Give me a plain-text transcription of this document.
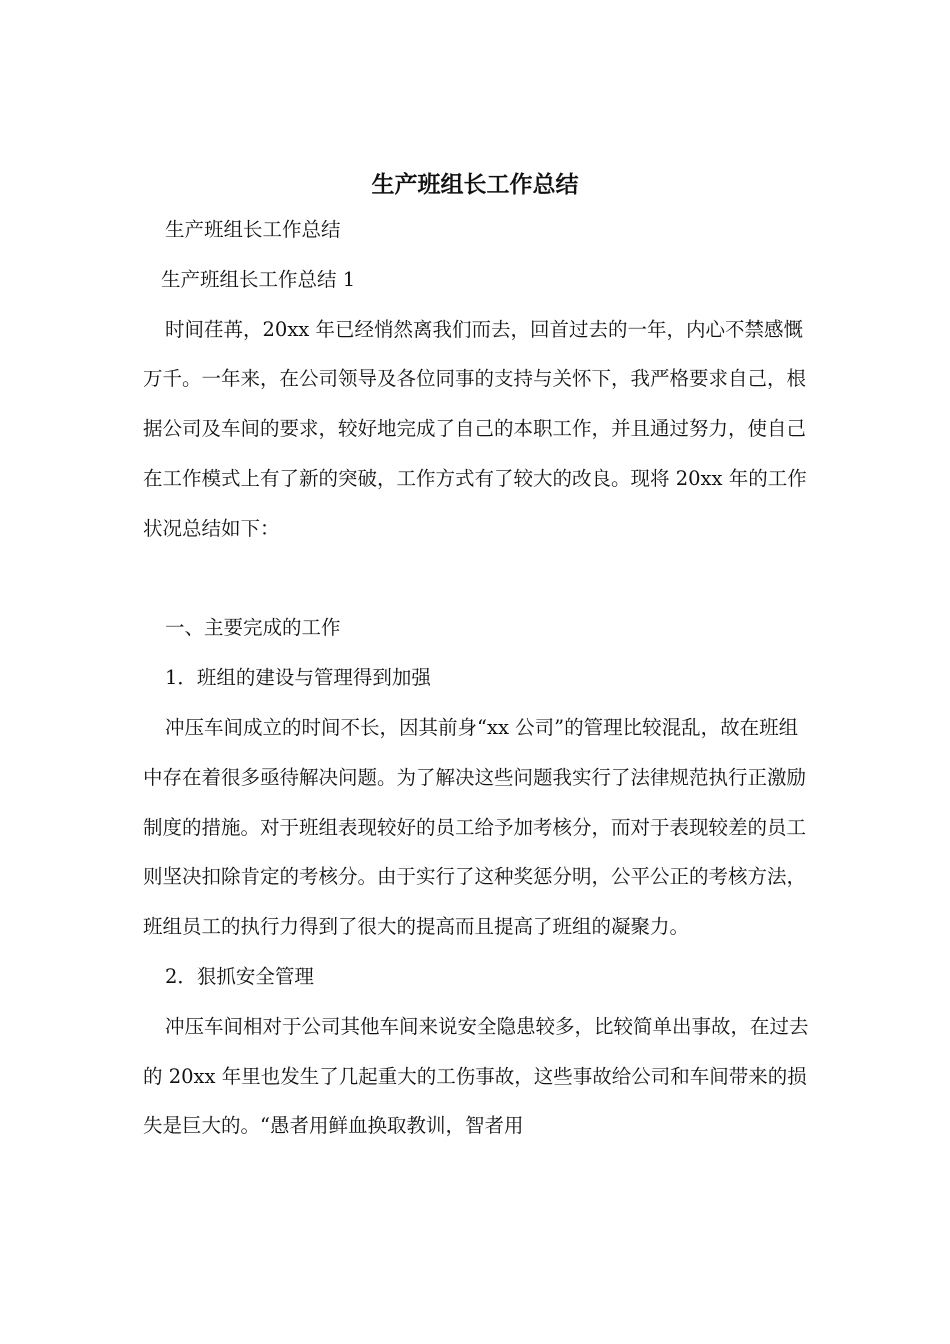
生产班组长工作总结

生产班组长工作总结

生产班组长工作总结 1

时间荏苒，20xx 年已经悄然离我们而去，回首过去的一年，内心不禁感慨万千。一年来，在公司领导及各位同事的支持与关怀下，我严格要求自己，根据公司及车间的要求，较好地完成了自己的本职工作，并且通过努力，使自己在工作模式上有了新的突破，工作方式有了较大的改良。现将 20xx 年的工作状况总结如下：

一、主要完成的工作

1．班组的建设与管理得到加强

冲压车间成立的时间不长，因其前身“xx 公司”的管理比较混乱，故在班组中存在着很多亟待解决问题。为了解决这些问题我实行了法律规范执行正激励制度的措施。对于班组表现较好的员工给予加考核分，而对于表现较差的员工则坚决扣除肯定的考核分。由于实行了这种奖惩分明，公平公正的考核方法，班组员工的执行力得到了很大的提高而且提高了班组的凝聚力。

2．狠抓安全管理

冲压车间相对于公司其他车间来说安全隐患较多，比较简单出事故，在过去的 20xx 年里也发生了几起重大的工伤事故，这些事故给公司和车间带来的损失是巨大的。“愚者用鲜血换取教训，智者用
